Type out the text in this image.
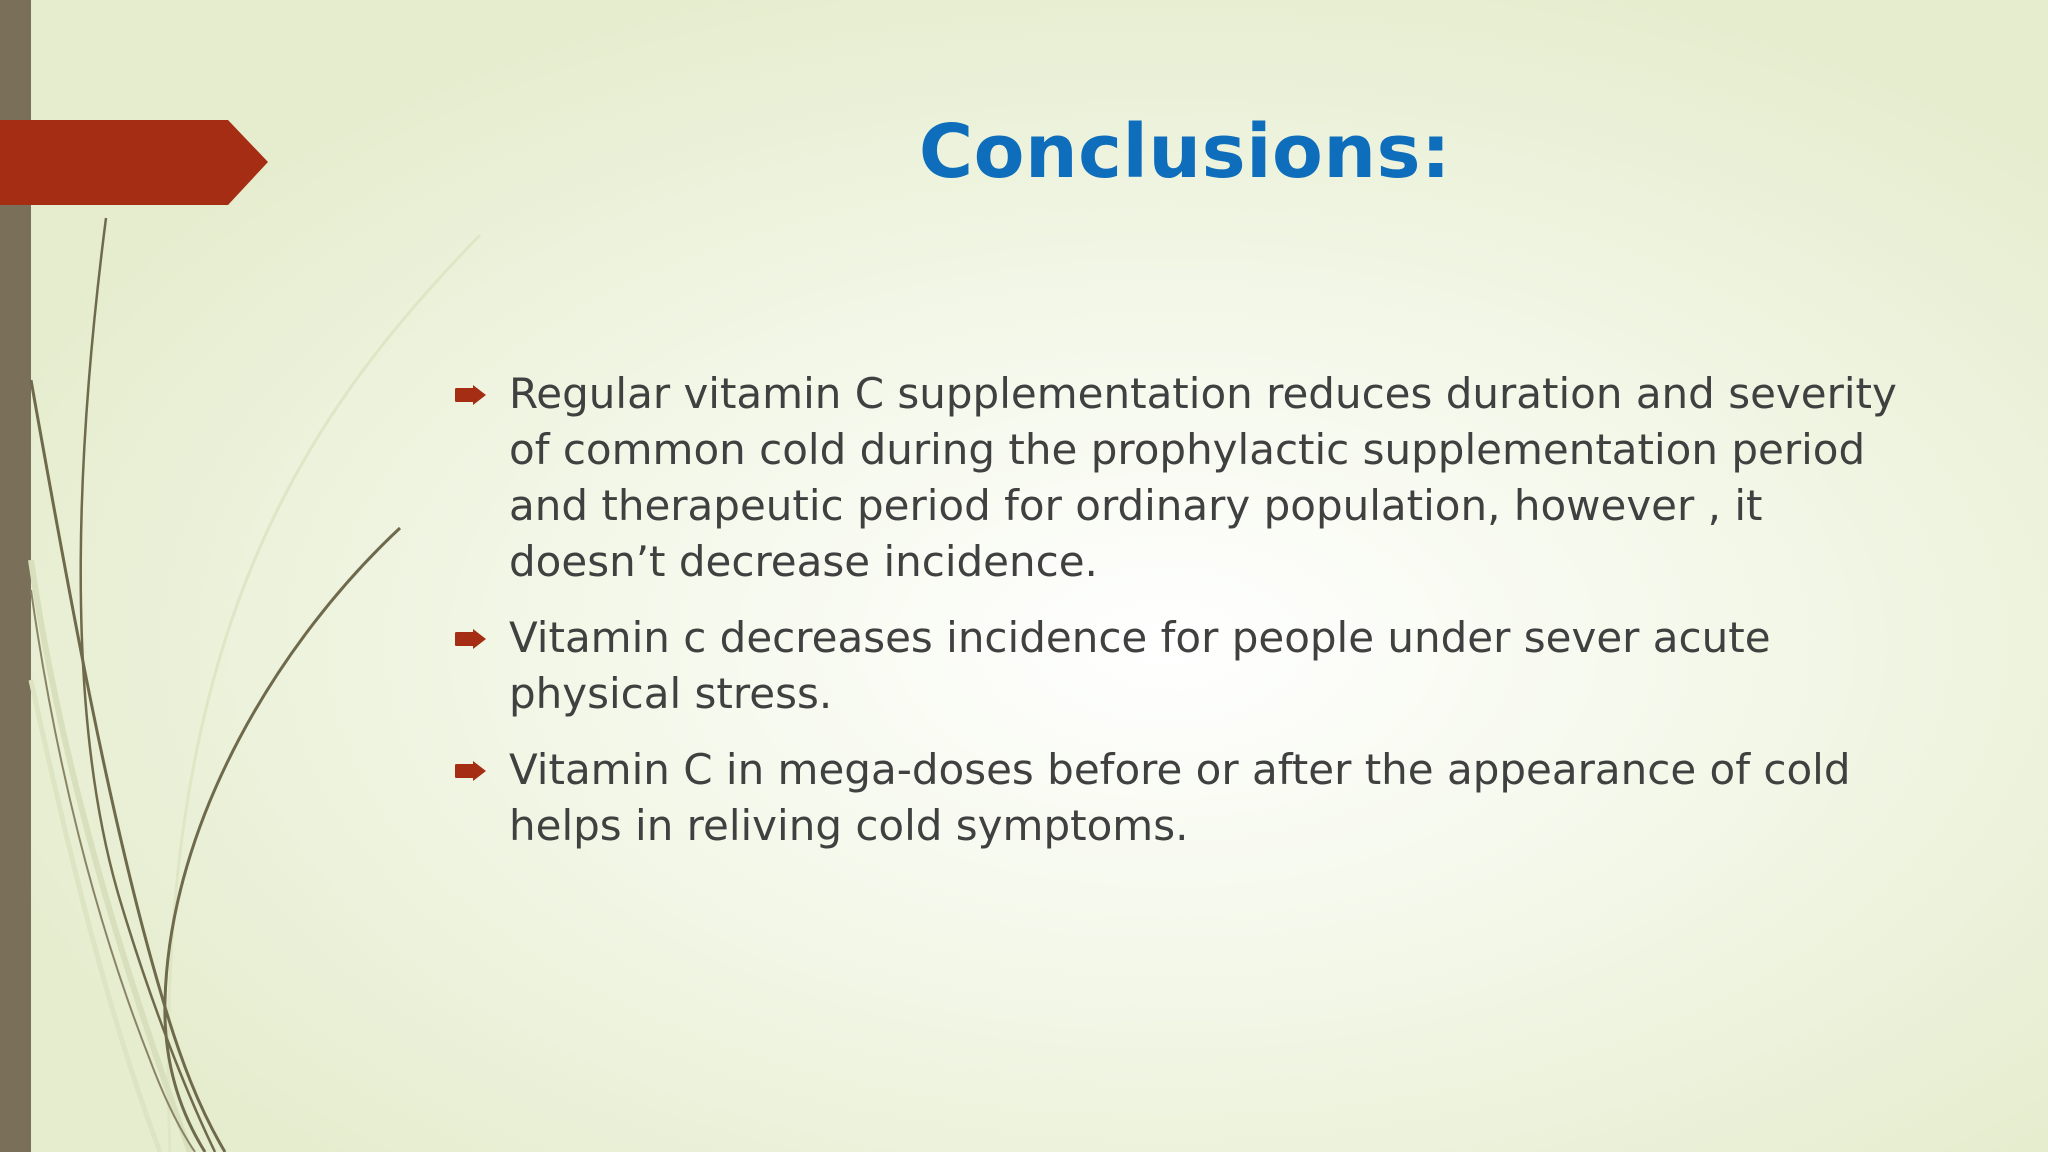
Conclusions:
Regular vitamin C supplementation reduces duration and severity of common cold during the prophylactic supplementation period and therapeutic period for ordinary population, however , it doesn’t decrease incidence.
Vitamin c decreases incidence for people under sever acute physical stress.
Vitamin C in mega-doses before or after the appearance of cold helps in reliving cold symptoms.
